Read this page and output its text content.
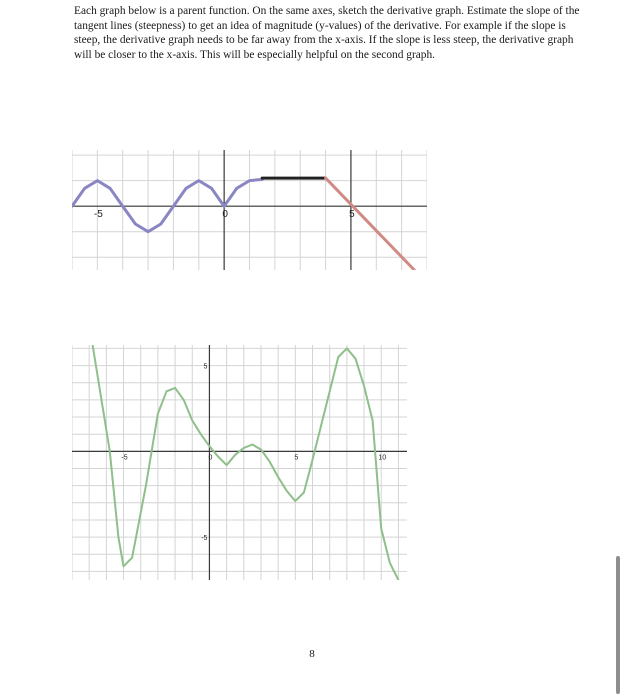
Each graph below is a parent function. On the same axes, sketch the derivative graph. Estimate the slope of the tangent lines (steepness) to get an idea of magnitude (y-values) of the derivative. For example if the slope is steep, the derivative graph needs to be far away from the x-axis. If the slope is less steep, the derivative graph will be closer to the x-axis. This will be especially helpful on the second graph.

-5	0	5
-5	0	5	10
5
-5
8
